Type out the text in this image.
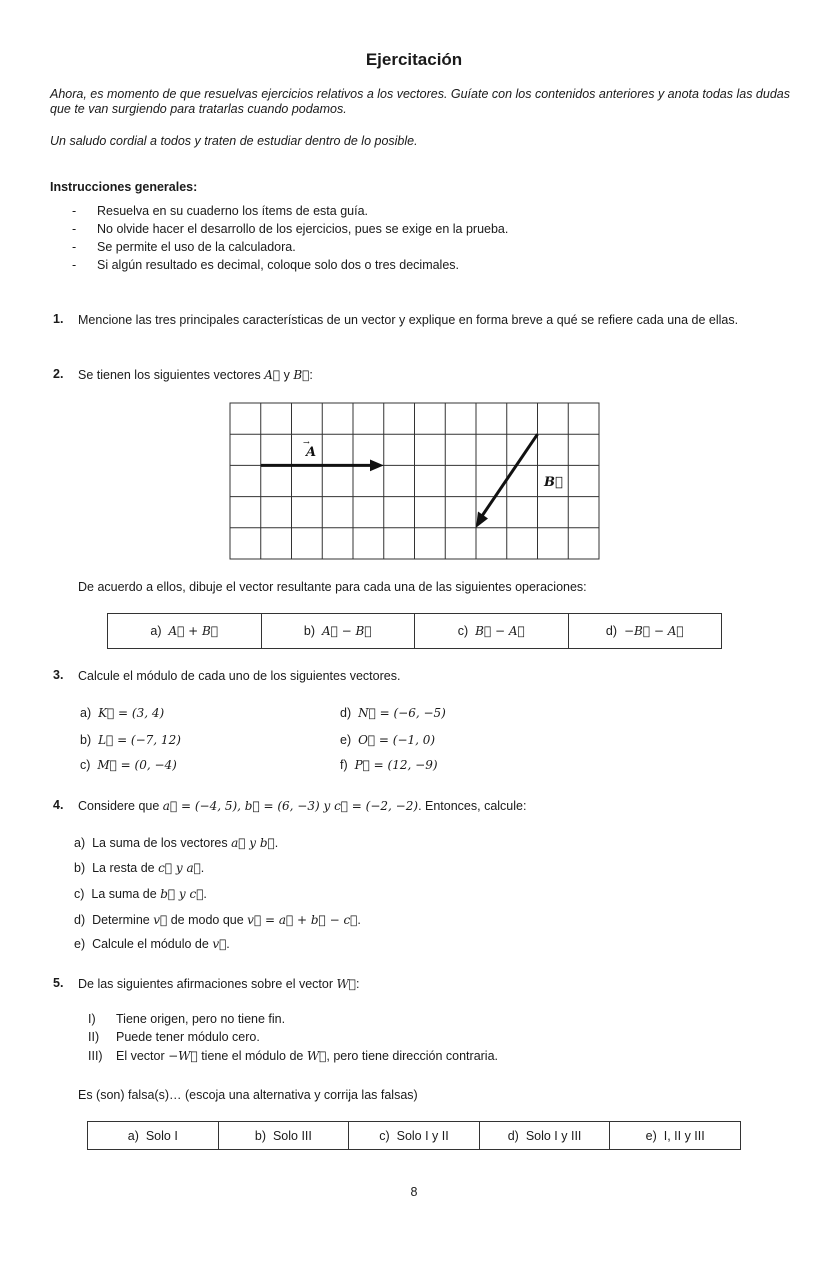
Ejercitación
Ahora, es momento de que resuelvas ejercicios relativos a los vectores. Guíate con los contenidos anteriores y anota todas las dudas que te van surgiendo para tratarlas cuando podamos.
Un saludo cordial a todos y traten de estudiar dentro de lo posible.
Instrucciones generales:
- Resuelva en su cuaderno los ítems de esta guía.
- No olvide hacer el desarrollo de los ejercicios, pues se exige en la prueba.
- Se permite el uso de la calculadora.
- Si algún resultado es decimal, coloque solo dos o tres decimales.
1. Mencione las tres principales características de un vector y explique en forma breve a qué se refiere cada una de ellas.
2. Se tienen los siguientes vectores A⃗ y B⃗:
A
→
B⃗
De acuerdo a ellos, dibuje el vector resultante para cada una de las siguientes operaciones:
a) A⃗ + B⃗	b) A⃗ − B⃗	c) B⃗ − A⃗	d) −B⃗ − A⃗
3. Calcule el módulo de cada uno de los siguientes vectores.
a) K⃗ = (3, 4)
b) L⃗ = (−7, 12)
c) M⃗ = (0, −4)
d) N⃗ = (−6, −5)
e) O⃗ = (−1, 0)
f) P⃗ = (12, −9)
4. Considere que a⃗ = (−4, 5), b⃗ = (6, −3) y c⃗ = (−2, −2). Entonces, calcule:
a) La suma de los vectores a⃗ y b⃗.
b) La resta de c⃗ y a⃗.
c) La suma de b⃗ y c⃗.
d) Determine v⃗ de modo que v⃗ = a⃗ + b⃗ − c⃗.
e) Calcule el módulo de v⃗.
5. De las siguientes afirmaciones sobre el vector W⃗:
I) Tiene origen, pero no tiene fin.
II) Puede tener módulo cero.
III) El vector −W⃗ tiene el módulo de W⃗, pero tiene dirección contraria.
Es (son) falsa(s)… (escoja una alternativa y corrija las falsas)
a) Solo I	b) Solo III	c) Solo I y II	d) Solo I y III	e) I, II y III
8
